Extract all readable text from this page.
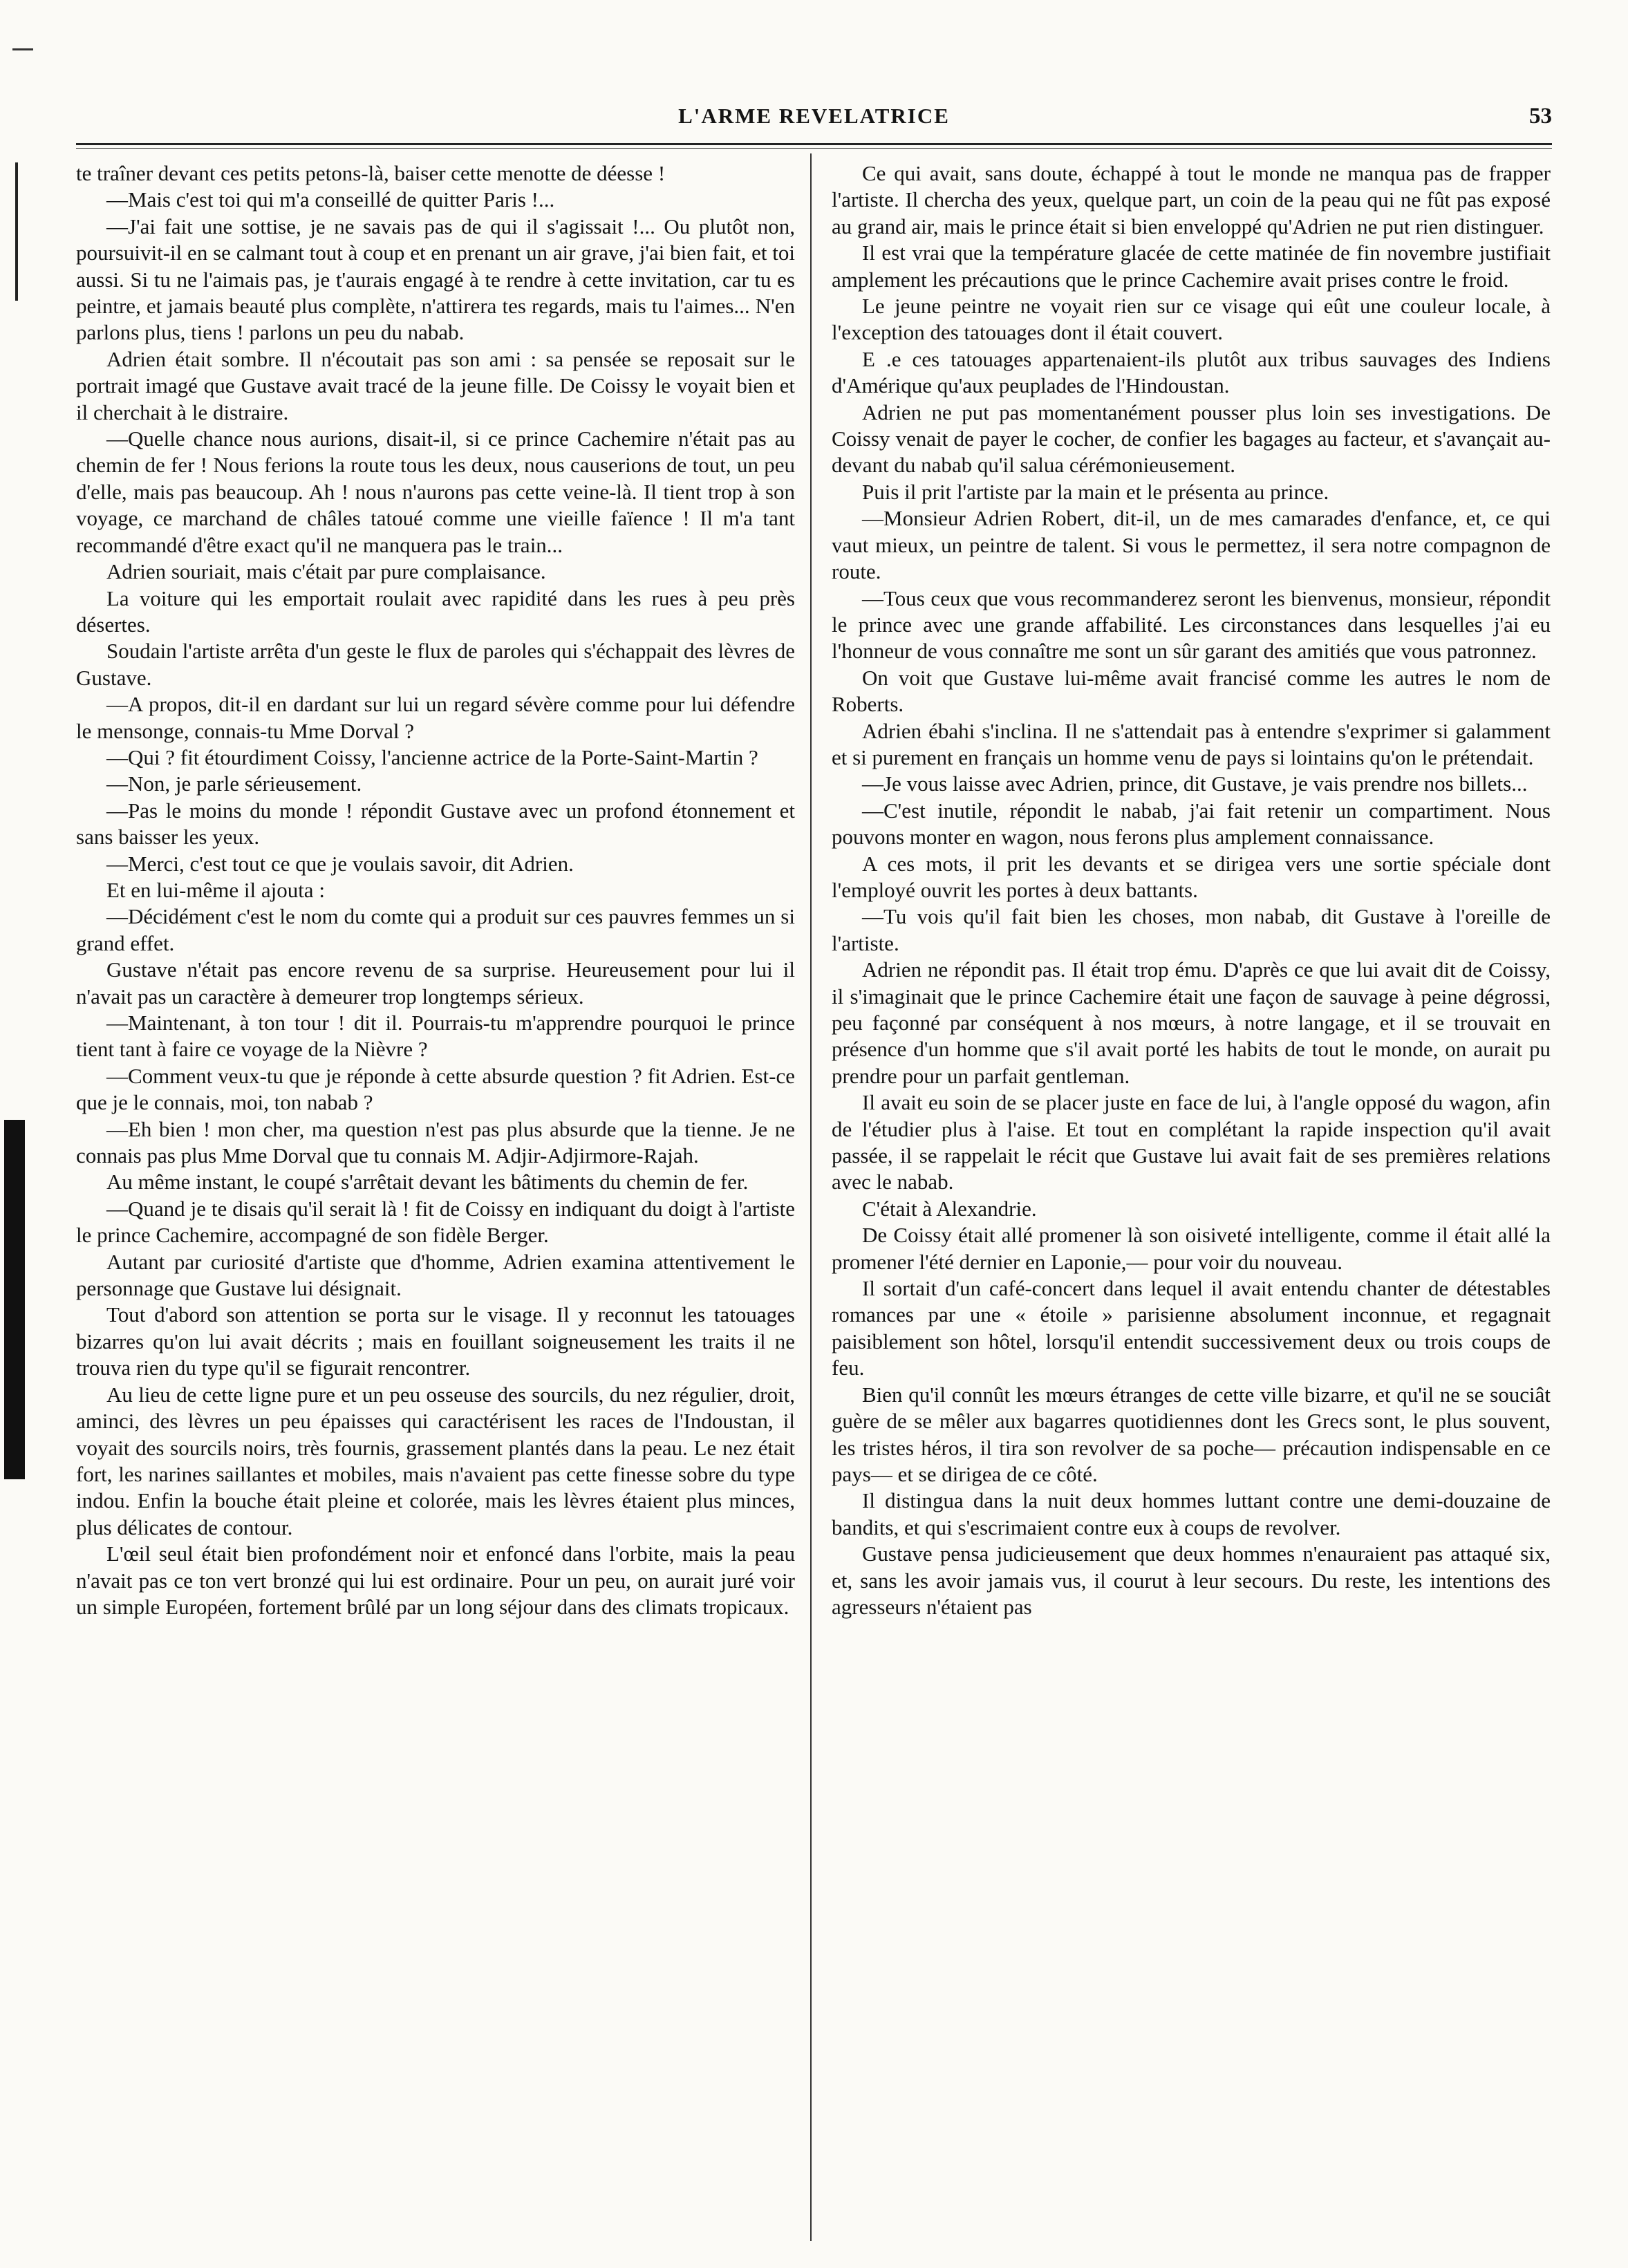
L'ARME REVELATRICE	53

te traîner devant ces petits petons-là, baiser cette menotte de déesse !

—Mais c'est toi qui m'a conseillé de quitter Paris !...

—J'ai fait une sottise, je ne savais pas de qui il s'agissait !... Ou plutôt non, poursuivit-il en se calmant tout à coup et en prenant un air grave, j'ai bien fait, et toi aussi. Si tu ne l'aimais pas, je t'aurais engagé à te rendre à cette invitation, car tu es peintre, et jamais beauté plus complète, n'attirera tes regards, mais tu l'aimes... N'en parlons plus, tiens ! parlons un peu du nabab.

Adrien était sombre. Il n'écoutait pas son ami : sa pensée se reposait sur le portrait imagé que Gustave avait tracé de la jeune fille. De Coissy le voyait bien et il cherchait à le distraire.

—Quelle chance nous aurions, disait-il, si ce prince Cachemire n'était pas au chemin de fer ! Nous ferions la route tous les deux, nous causerions de tout, un peu d'elle, mais pas beaucoup. Ah ! nous n'aurons pas cette veine-là. Il tient trop à son voyage, ce marchand de châles tatoué comme une vieille faïence ! Il m'a tant recommandé d'être exact qu'il ne manquera pas le train...

Adrien souriait, mais c'était par pure complaisance.

La voiture qui les emportait roulait avec rapidité dans les rues à peu près désertes.

Soudain l'artiste arrêta d'un geste le flux de paroles qui s'échappait des lèvres de Gustave.

—A propos, dit-il en dardant sur lui un regard sévère comme pour lui défendre le mensonge, connais-tu Mme Dorval ?

—Qui ? fit étourdiment Coissy, l'ancienne actrice de la Porte-Saint-Martin ?

—Non, je parle sérieusement.

—Pas le moins du monde ! répondit Gustave avec un profond étonnement et sans baisser les yeux.

—Merci, c'est tout ce que je voulais savoir, dit Adrien.

Et en lui-même il ajouta :

—Décidément c'est le nom du comte qui a produit sur ces pauvres femmes un si grand effet.

Gustave n'était pas encore revenu de sa surprise. Heureusement pour lui il n'avait pas un caractère à demeurer trop longtemps sérieux.

—Maintenant, à ton tour ! dit il. Pourrais-tu m'apprendre pourquoi le prince tient tant à faire ce voyage de la Nièvre ?

—Comment veux-tu que je réponde à cette absurde question ? fit Adrien. Est-ce que je le connais, moi, ton nabab ?

—Eh bien ! mon cher, ma question n'est pas plus absurde que la tienne. Je ne connais pas plus Mme Dorval que tu connais M. Adjir-Adjirmore-Rajah.

Au même instant, le coupé s'arrêtait devant les bâtiments du chemin de fer.

—Quand je te disais qu'il serait là ! fit de Coissy en indiquant du doigt à l'artiste le prince Cachemire, accompagné de son fidèle Berger.

Autant par curiosité d'artiste que d'homme, Adrien examina attentivement le personnage que Gustave lui désignait.

Tout d'abord son attention se porta sur le visage. Il y reconnut les tatouages bizarres qu'on lui avait décrits ; mais en fouillant soigneusement les traits il ne trouva rien du type qu'il se figurait rencontrer.

Au lieu de cette ligne pure et un peu osseuse des sourcils, du nez régulier, droit, aminci, des lèvres un peu épaisses qui caractérisent les races de l'Indoustan, il voyait des sourcils noirs, très fournis, grassement plantés dans la peau. Le nez était fort, les narines saillantes et mobiles, mais n'avaient pas cette finesse sobre du type indou. Enfin la bouche était pleine et colorée, mais les lèvres étaient plus minces, plus délicates de contour.

L'œil seul était bien profondément noir et enfoncé dans l'orbite, mais la peau n'avait pas ce ton vert bronzé qui lui est ordinaire. Pour un peu, on aurait juré voir un simple Européen, fortement brûlé par un long séjour dans des climats tropicaux.

Ce qui avait, sans doute, échappé à tout le monde ne manqua pas de frapper l'artiste. Il chercha des yeux, quelque part, un coin de la peau qui ne fût pas exposé au grand air, mais le prince était si bien enveloppé qu'Adrien ne put rien distinguer.

Il est vrai que la température glacée de cette matinée de fin novembre justifiait amplement les précautions que le prince Cachemire avait prises contre le froid.

Le jeune peintre ne voyait rien sur ce visage qui eût une couleur locale, à l'exception des tatouages dont il était couvert.

E .e ces tatouages appartenaient-ils plutôt aux tribus sauvages des Indiens d'Amérique qu'aux peuplades de l'Hindoustan.

Adrien ne put pas momentanément pousser plus loin ses investigations. De Coissy venait de payer le cocher, de confier les bagages au facteur, et s'avançait au-devant du nabab qu'il salua cérémonieusement.

Puis il prit l'artiste par la main et le présenta au prince.

—Monsieur Adrien Robert, dit-il, un de mes camarades d'enfance, et, ce qui vaut mieux, un peintre de talent. Si vous le permettez, il sera notre compagnon de route.

—Tous ceux que vous recommanderez seront les bienvenus, monsieur, répondit le prince avec une grande affabilité. Les circonstances dans lesquelles j'ai eu l'honneur de vous connaître me sont un sûr garant des amitiés que vous patronnez.

On voit que Gustave lui-même avait francisé comme les autres le nom de Roberts.

Adrien ébahi s'inclina. Il ne s'attendait pas à entendre s'exprimer si galamment et si purement en français un homme venu de pays si lointains qu'on le prétendait.

—Je vous laisse avec Adrien, prince, dit Gustave, je vais prendre nos billets...

—C'est inutile, répondit le nabab, j'ai fait retenir un compartiment. Nous pouvons monter en wagon, nous ferons plus amplement connaissance.

A ces mots, il prit les devants et se dirigea vers une sortie spéciale dont l'employé ouvrit les portes à deux battants.

—Tu vois qu'il fait bien les choses, mon nabab, dit Gustave à l'oreille de l'artiste.

Adrien ne répondit pas. Il était trop ému. D'après ce que lui avait dit de Coissy, il s'imaginait que le prince Cachemire était une façon de sauvage à peine dégrossi, peu façonné par conséquent à nos mœurs, à notre langage, et il se trouvait en présence d'un homme que s'il avait porté les habits de tout le monde, on aurait pu prendre pour un parfait gentleman.

Il avait eu soin de se placer juste en face de lui, à l'angle opposé du wagon, afin de l'étudier plus à l'aise. Et tout en complétant la rapide inspection qu'il avait passée, il se rappelait le récit que Gustave lui avait fait de ses premières relations avec le nabab.

C'était à Alexandrie.

De Coissy était allé promener là son oisiveté intelligente, comme il était allé la promener l'été dernier en Laponie,— pour voir du nouveau.

Il sortait d'un café-concert dans lequel il avait entendu chanter de détestables romances par une « étoile » parisienne absolument inconnue, et regagnait paisiblement son hôtel, lorsqu'il entendit successivement deux ou trois coups de feu.

Bien qu'il connût les mœurs étranges de cette ville bizarre, et qu'il ne se souciât guère de se mêler aux bagarres quotidiennes dont les Grecs sont, le plus souvent, les tristes héros, il tira son revolver de sa poche— précaution indispensable en ce pays— et se dirigea de ce côté.

Il distingua dans la nuit deux hommes luttant contre une demi-douzaine de bandits, et qui s'escrimaient contre eux à coups de revolver.

Gustave pensa judicieusement que deux hommes n'enauraient pas attaqué six, et, sans les avoir jamais vus, il courut à leur secours. Du reste, les intentions des agresseurs n'étaient pas
